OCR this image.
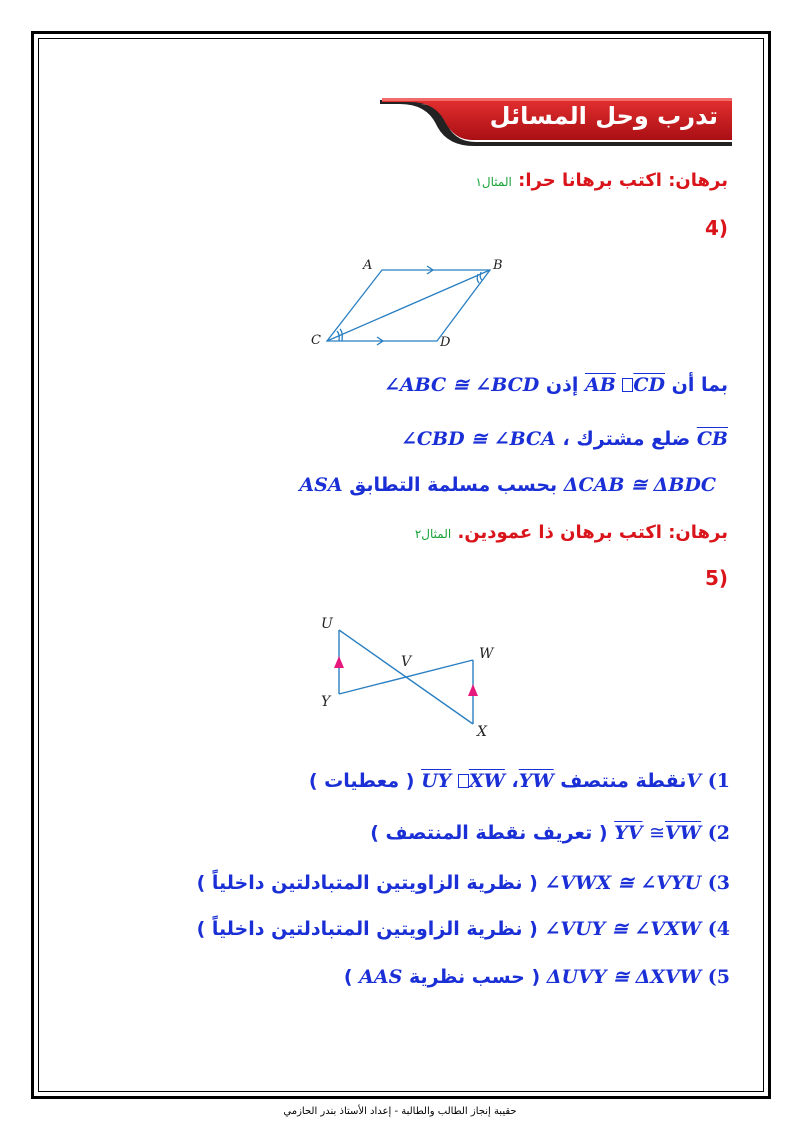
تدرب وحل المسائل
برهان: اكتب برهانا حرا: المثال١
(4
A	B
C	D
بما أن $\overline{AB}$ $\overline{CD}$ إذن ∠ABC ≅ ∠BCD
$\overline{CB}$ ضلع مشترك ، ∠CBD ≅ ∠BCA
ΔCAB ≅ ΔBDC بحسب مسلمة التطابق ASA
برهان: اكتب برهان ذا عمودين. المثال٢
(5
U
V	W
Y
X
1) Vنقطة منتصف $\overline{YW}،$ $\overline{UY}$ $\overline{XW}$ ( معطيات )
2) $\overline{YV}$ $≅\overline{VW}$ ( تعريف نقطة المنتصف )
3) ∠VWX ≅ ∠VYU ( نظرية الزاويتين المتبادلتين داخلياً )
4) ∠VUY ≅ ∠VXW ( نظرية الزاويتين المتبادلتين داخلياً )
5) ΔUVY ≅ ΔXVW ( حسب نظرية AAS )
حقيبة إنجاز الطالب والطالبة - إعداد الأستاذ بندر الحازمي
